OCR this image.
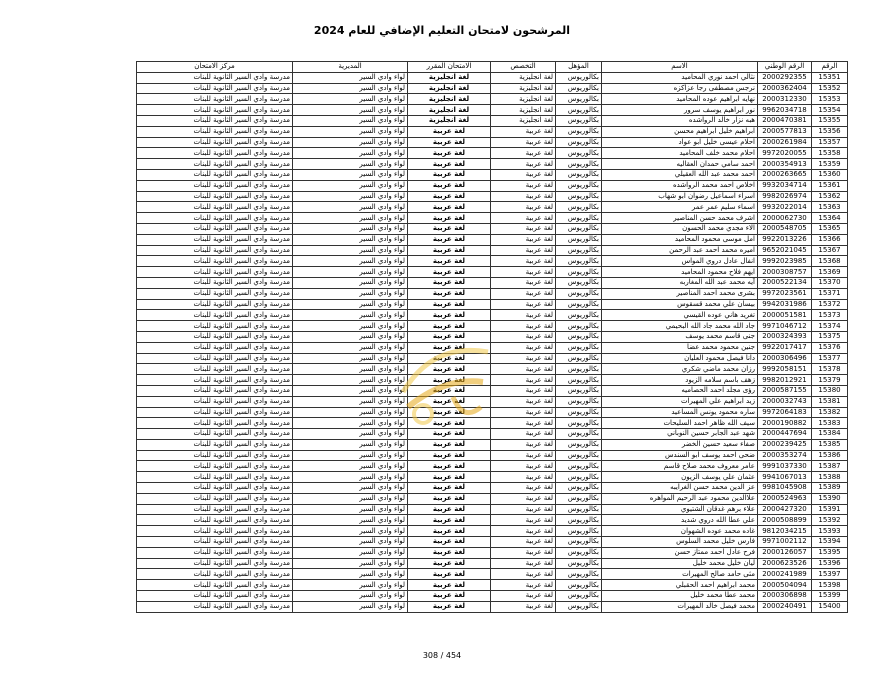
المرشحون لامتحان التعليم الإضافي للعام 2024
الرقم	الرقم الوطني	الاسم	المؤهل	التخصص	الامتحان المقرر	المديرية	مركز الامتحان
15351	2000292355	نثالي احمد نوري المحاميد	بكالوريوس	لغة انجليزية	لغة انجليزية	لواء وادي السير	مدرسة وادي السير الثانوية للبنات
15352	2000362404	نرجس مصطفى رجا عزاكزه	بكالوريوس	لغة انجليزية	لغة انجليزية	لواء وادي السير	مدرسة وادي السير الثانوية للبنات
15353	2000312330	نهايه ابراهيم عوده المحاميد	بكالوريوس	لغة انجليزية	لغة انجليزية	لواء وادي السير	مدرسة وادي السير الثانوية للبنات
15354	9962034718	نور ابراهيم يوسف سرور	بكالوريوس	لغة انجليزية	لغة انجليزية	لواء وادي السير	مدرسة وادي السير الثانوية للبنات
15355	2000470381	هبه نزار خالد الرواشده	بكالوريوس	لغة انجليزية	لغة انجليزية	لواء وادي السير	مدرسة وادي السير الثانوية للبنات
15356	2000577813	ابراهيم خليل ابراهيم محسن	بكالوريوس	لغة عربية	لغة عربية	لواء وادي السير	مدرسة وادي السير الثانوية للبنات
15357	2000261984	احلام عيسى خليل ابو عواد	بكالوريوس	لغة عربية	لغة عربية	لواء وادي السير	مدرسة وادي السير الثانوية للبنات
15358	9972020055	احلام محمد خلف المحاميد	بكالوريوس	لغة عربية	لغة عربية	لواء وادي السير	مدرسة وادي السير الثانوية للبنات
15359	2000354913	احمد سامي حمدان العقاليه	بكالوريوس	لغة عربية	لغة عربية	لواء وادي السير	مدرسة وادي السير الثانوية للبنات
15360	2000263665	احمد محمد عبد الله العقيلي	بكالوريوس	لغة عربية	لغة عربية	لواء وادي السير	مدرسة وادي السير الثانوية للبنات
15361	9932034714	اخلاص احمد محمد الرواشده	بكالوريوس	لغة عربية	لغة عربية	لواء وادي السير	مدرسة وادي السير الثانوية للبنات
15362	9982026974	اسراء اسماعيل رضوان ابو شهاب	بكالوريوس	لغة عربية	لغة عربية	لواء وادي السير	مدرسة وادي السير الثانوية للبنات
15363	9932022014	اسماء سليم عمر عمر	بكالوريوس	لغة عربية	لغة عربية	لواء وادي السير	مدرسة وادي السير الثانوية للبنات
15364	2000062730	اشرف محمد حسن المناصير	بكالوريوس	لغة عربية	لغة عربية	لواء وادي السير	مدرسة وادي السير الثانوية للبنات
15365	2000548705	الاء مجدي محمد الحسون	بكالوريوس	لغة عربية	لغة عربية	لواء وادي السير	مدرسة وادي السير الثانوية للبنات
15366	9922013226	امل موسى محمود المحاميد	بكالوريوس	لغة عربية	لغة عربية	لواء وادي السير	مدرسة وادي السير الثانوية للبنات
15367	9652021045	اميره محمد احمد عبد الرحمن	بكالوريوس	لغة عربية	لغة عربية	لواء وادي السير	مدرسة وادي السير الثانوية للبنات
15368	9992023985	انفال عادل دروي المواس	بكالوريوس	لغة عربية	لغة عربية	لواء وادي السير	مدرسة وادي السير الثانوية للبنات
15369	2000308757	ايهم فلاح محمود المحاميد	بكالوريوس	لغة عربية	لغة عربية	لواء وادي السير	مدرسة وادي السير الثانوية للبنات
15370	2000522134	آيه محمد عبد الله المغاربه	بكالوريوس	لغة عربية	لغة عربية	لواء وادي السير	مدرسة وادي السير الثانوية للبنات
15371	9972023561	بشرى محمد احمد المناصير	بكالوريوس	لغة عربية	لغة عربية	لواء وادي السير	مدرسة وادي السير الثانوية للبنات
15372	9942031986	بيسان علي محمد قسقوس	بكالوريوس	لغة عربية	لغة عربية	لواء وادي السير	مدرسة وادي السير الثانوية للبنات
15373	2000051581	تغريد هاني عوده القيسي	بكالوريوس	لغة عربية	لغة عربية	لواء وادي السير	مدرسة وادي السير الثانوية للبنات
15374	9971046712	جاد الله محمد جاد الله البحيمي	بكالوريوس	لغة عربية	لغة عربية	لواء وادي السير	مدرسة وادي السير الثانوية للبنات
15375	2000324393	جنى قاسم محمد يوسف	بكالوريوس	لغة عربية	لغة عربية	لواء وادي السير	مدرسة وادي السير الثانوية للبنات
15376	9922017417	جنين محمود محمد عضا	بكالوريوس	لغة عربية	لغة عربية	لواء وادي السير	مدرسة وادي السير الثانوية للبنات
15377	2000306496	دانا فيصل محمود العليان	بكالوريوس	لغة عربية	لغة عربية	لواء وادي السير	مدرسة وادي السير الثانوية للبنات
15378	9992058151	رزان محمد ماضي شكري	بكالوريوس	لغة عربية	لغة عربية	لواء وادي السير	مدرسة وادي السير الثانوية للبنات
15379	9982012921	زهف باسم سلامه الزيود	بكالوريوس	لغة عربية	لغة عربية	لواء وادي السير	مدرسة وادي السير الثانوية للبنات
15380	2000587155	رؤى مجلد احمد الحصاميه	بكالوريوس	لغة عربية	لغة عربية	لواء وادي السير	مدرسة وادي السير الثانوية للبنات
15381	2000032743	زيد ابراهيم علي المهيرات	بكالوريوس	لغة عربية	لغة عربية	لواء وادي السير	مدرسة وادي السير الثانوية للبنات
15382	9972064183	ساره محمود يونس المساعيد	بكالوريوس	لغة عربية	لغة عربية	لواء وادي السير	مدرسة وادي السير الثانوية للبنات
15383	2000190882	سيف الله ظاهر احمد السليحات	بكالوريوس	لغة عربية	لغة عربية	لواء وادي السير	مدرسة وادي السير الثانوية للبنات
15384	2000447694	شهد عبد الجابر حسين النوباني	بكالوريوس	لغة عربية	لغة عربية	لواء وادي السير	مدرسة وادي السير الثانوية للبنات
15385	2000239425	صفاء سعيد حسين الخضر	بكالوريوس	لغة عربية	لغة عربية	لواء وادي السير	مدرسة وادي السير الثانوية للبنات
15386	2000353274	ضحى احمد يوسف ابو السندس	بكالوريوس	لغة عربية	لغة عربية	لواء وادي السير	مدرسة وادي السير الثانوية للبنات
15387	9991037330	عامر معروف محمد صلاح قاسم	بكالوريوس	لغة عربية	لغة عربية	لواء وادي السير	مدرسة وادي السير الثانوية للبنات
15388	9941067013	عثمان علي يوسف الزيون	بكالوريوس	لغة عربية	لغة عربية	لواء وادي السير	مدرسة وادي السير الثانوية للبنات
15389	9981045908	عز الدين محمد حسن الغرايبه	بكالوريوس	لغة عربية	لغة عربية	لواء وادي السير	مدرسة وادي السير الثانوية للبنات
15390	2000524963	علاالدين محمود عبد الرحيم المواهره	بكالوريوس	لغة عربية	لغة عربية	لواء وادي السير	مدرسة وادي السير الثانوية للبنات
15391	2000427320	علاء برهم غدقان الشتيوي	بكالوريوس	لغة عربية	لغة عربية	لواء وادي السير	مدرسة وادي السير الثانوية للبنات
15392	2000508899	علي عطا الله دروي شديد	بكالوريوس	لغة عربية	لغة عربية	لواء وادي السير	مدرسة وادي السير الثانوية للبنات
15393	9812034215	غاده محمد عوده الشهوان	بكالوريوس	لغة عربية	لغة عربية	لواء وادي السير	مدرسة وادي السير الثانوية للبنات
15394	9971002112	فارس خليل محمد السلوس	بكالوريوس	لغة عربية	لغة عربية	لواء وادي السير	مدرسة وادي السير الثانوية للبنات
15395	2000126057	فرح عادل احمد ممتاز حسن	بكالوريوس	لغة عربية	لغة عربية	لواء وادي السير	مدرسة وادي السير الثانوية للبنات
15396	2000623526	ليان خليل محمد خليل	بكالوريوس	لغة عربية	لغة عربية	لواء وادي السير	مدرسة وادي السير الثانوية للبنات
15397	2000241989	مثى حامد صالح المهيرات	بكالوريوس	لغة عربية	لغة عربية	لواء وادي السير	مدرسة وادي السير الثانوية للبنات
15398	2000504094	محمد ابراهيم احمد الحقبلي	بكالوريوس	لغة عربية	لغة عربية	لواء وادي السير	مدرسة وادي السير الثانوية للبنات
15399	2000306898	محمد عطا محمد خليل	بكالوريوس	لغة عربية	لغة عربية	لواء وادي السير	مدرسة وادي السير الثانوية للبنات
15400	2000240491	محمد فيصل خالد المهيرات	بكالوريوس	لغة عربية	لغة عربية	لواء وادي السير	مدرسة وادي السير الثانوية للبنات
308 / 454
